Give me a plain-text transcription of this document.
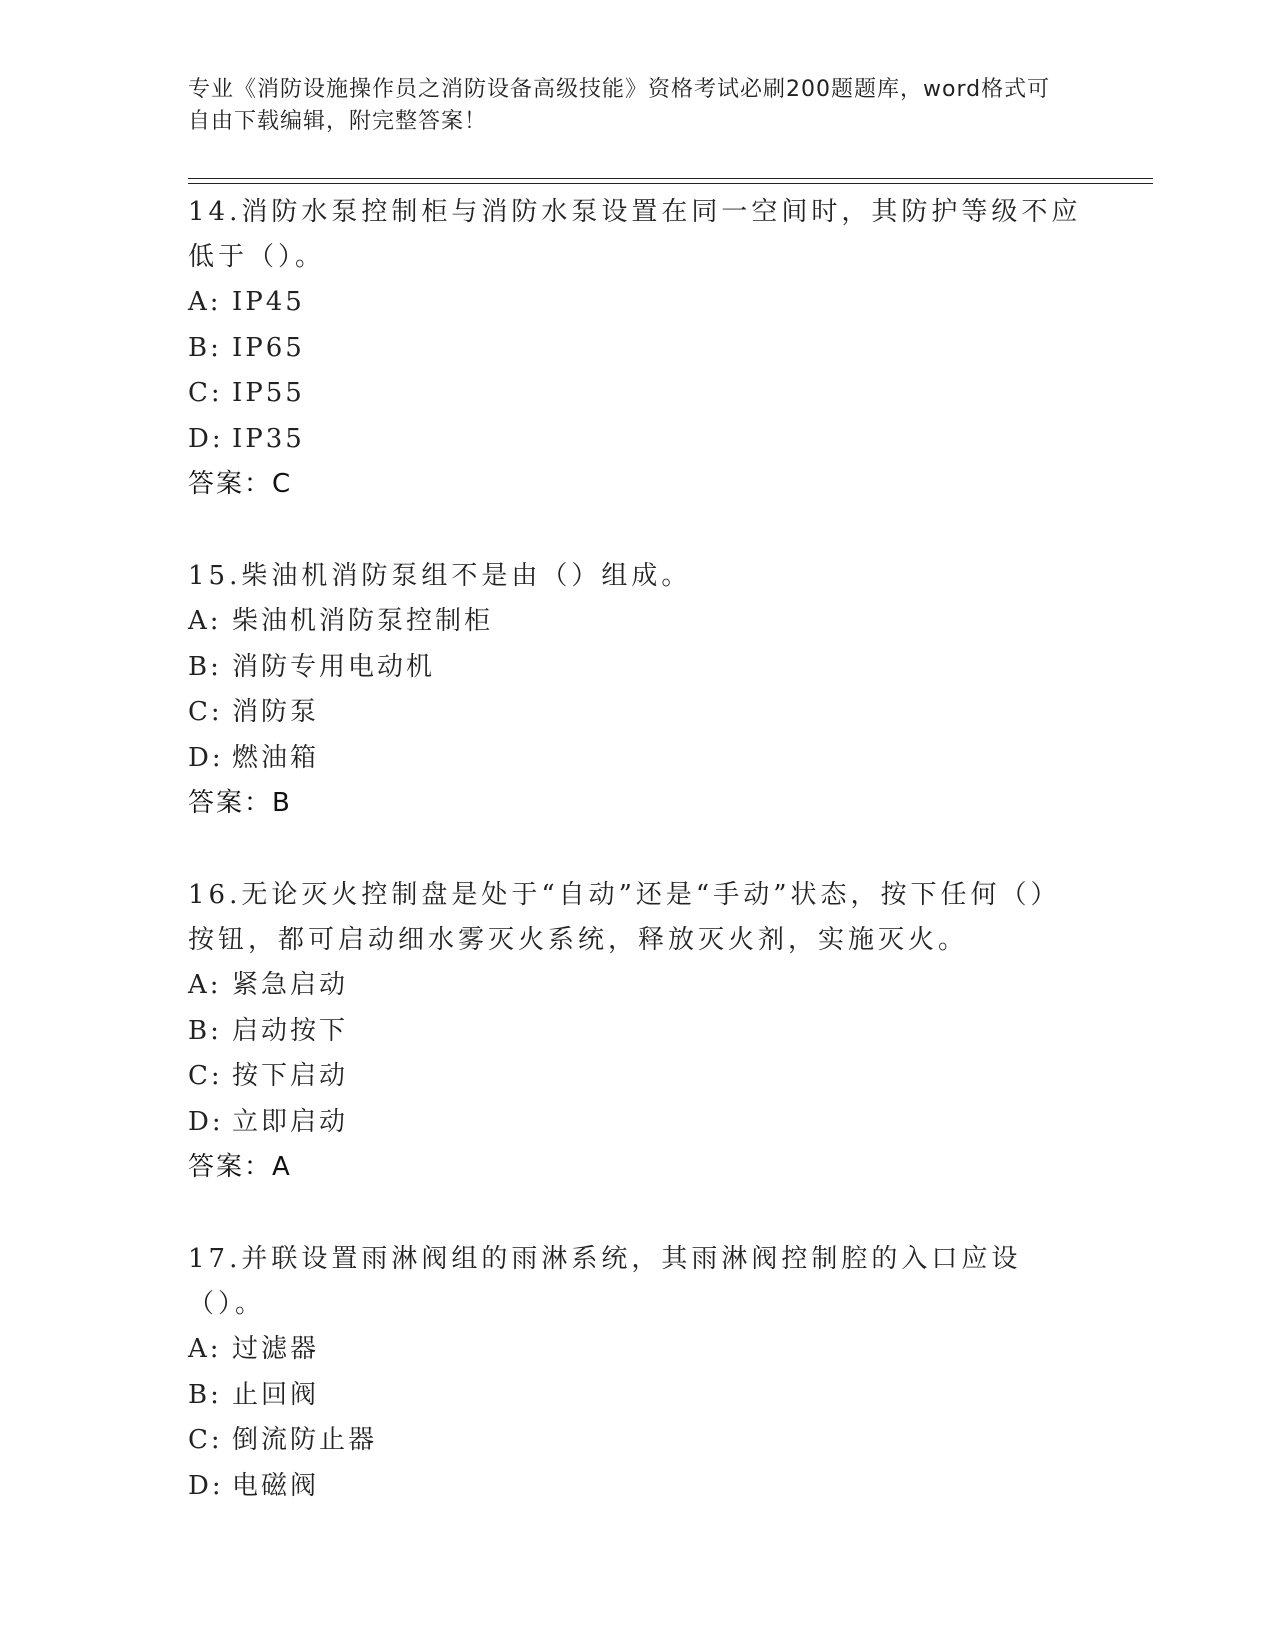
专业《消防设施操作员之消防设备高级技能》资格考试必刷200题题库，word格式可自由下载编辑，附完整答案！

14.消防水泵控制柜与消防水泵设置在同一空间时，其防护等级不应低于（）。

A: IP45
B: IP65
C: IP55
D: IP35
答案：C

15.柴油机消防泵组不是由（）组成。

A: 柴油机消防泵控制柜
B: 消防专用电动机
C: 消防泵
D: 燃油箱
答案：B

16.无论灭火控制盘是处于“自动”还是“手动”状态，按下任何（）按钮，都可启动细水雾灭火系统，释放灭火剂，实施灭火。

A: 紧急启动
B: 启动按下
C: 按下启动
D: 立即启动
答案：A

17.并联设置雨淋阀组的雨淋系统，其雨淋阀控制腔的入口应设（）。

A: 过滤器
B: 止回阀
C: 倒流防止器
D: 电磁阀
